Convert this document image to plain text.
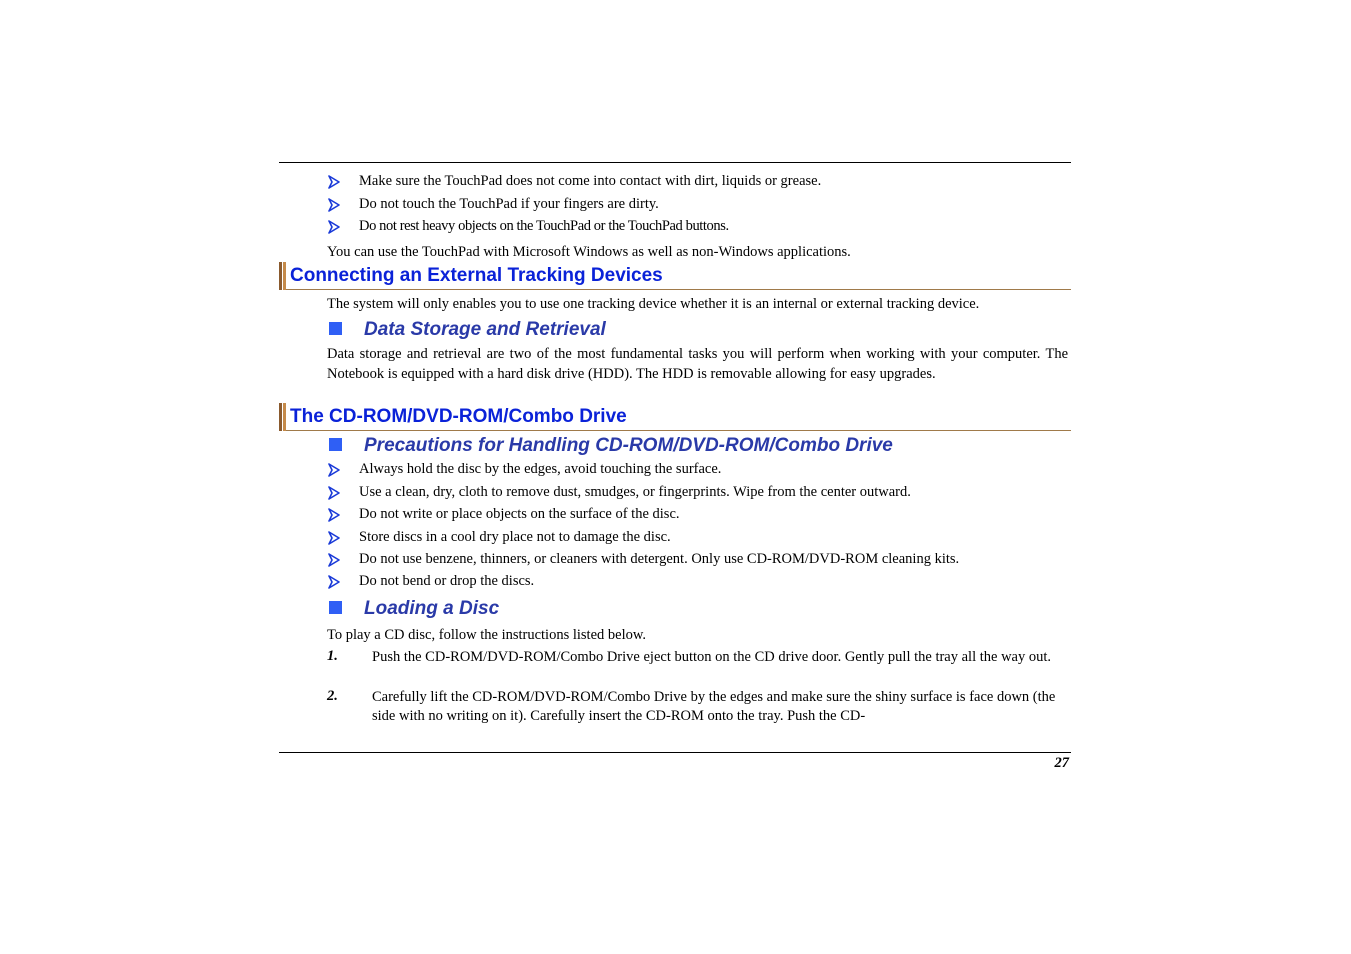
Make sure the TouchPad does not come into contact with dirt, liquids or grease.
Do not touch the TouchPad if your fingers are dirty.
Do not rest heavy objects on the TouchPad or the TouchPad buttons.
You can use the TouchPad with Microsoft Windows as well as non-Windows applications.
Connecting an External Tracking Devices
The system will only enables you to use one tracking device whether it is an internal or external tracking device.
Data Storage and Retrieval
Data storage and retrieval are two of the most fundamental tasks you will perform when working with your computer. The Notebook is equipped with a hard disk drive (HDD). The HDD is removable allowing for easy upgrades.
The CD-ROM/DVD-ROM/Combo Drive
Precautions for Handling CD-ROM/DVD-ROM/Combo Drive
Always hold the disc by the edges, avoid touching the surface.
Use a clean, dry, cloth to remove dust, smudges, or fingerprints. Wipe from the center outward.
Do not write or place objects on the surface of the disc.
Store discs in a cool dry place not to damage the disc.
Do not use benzene, thinners, or cleaners with detergent. Only use CD-ROM/DVD-ROM cleaning kits.
Do not bend or drop the discs.
Loading a Disc
To play a CD disc, follow the instructions listed below.
1. Push the CD-ROM/DVD-ROM/Combo Drive eject button on the CD drive door. Gently pull the tray all the way out.
2. Carefully lift the CD-ROM/DVD-ROM/Combo Drive by the edges and make sure the shiny surface is face down (the side with no writing on it). Carefully insert the CD-ROM onto the tray. Push the CD-
27
